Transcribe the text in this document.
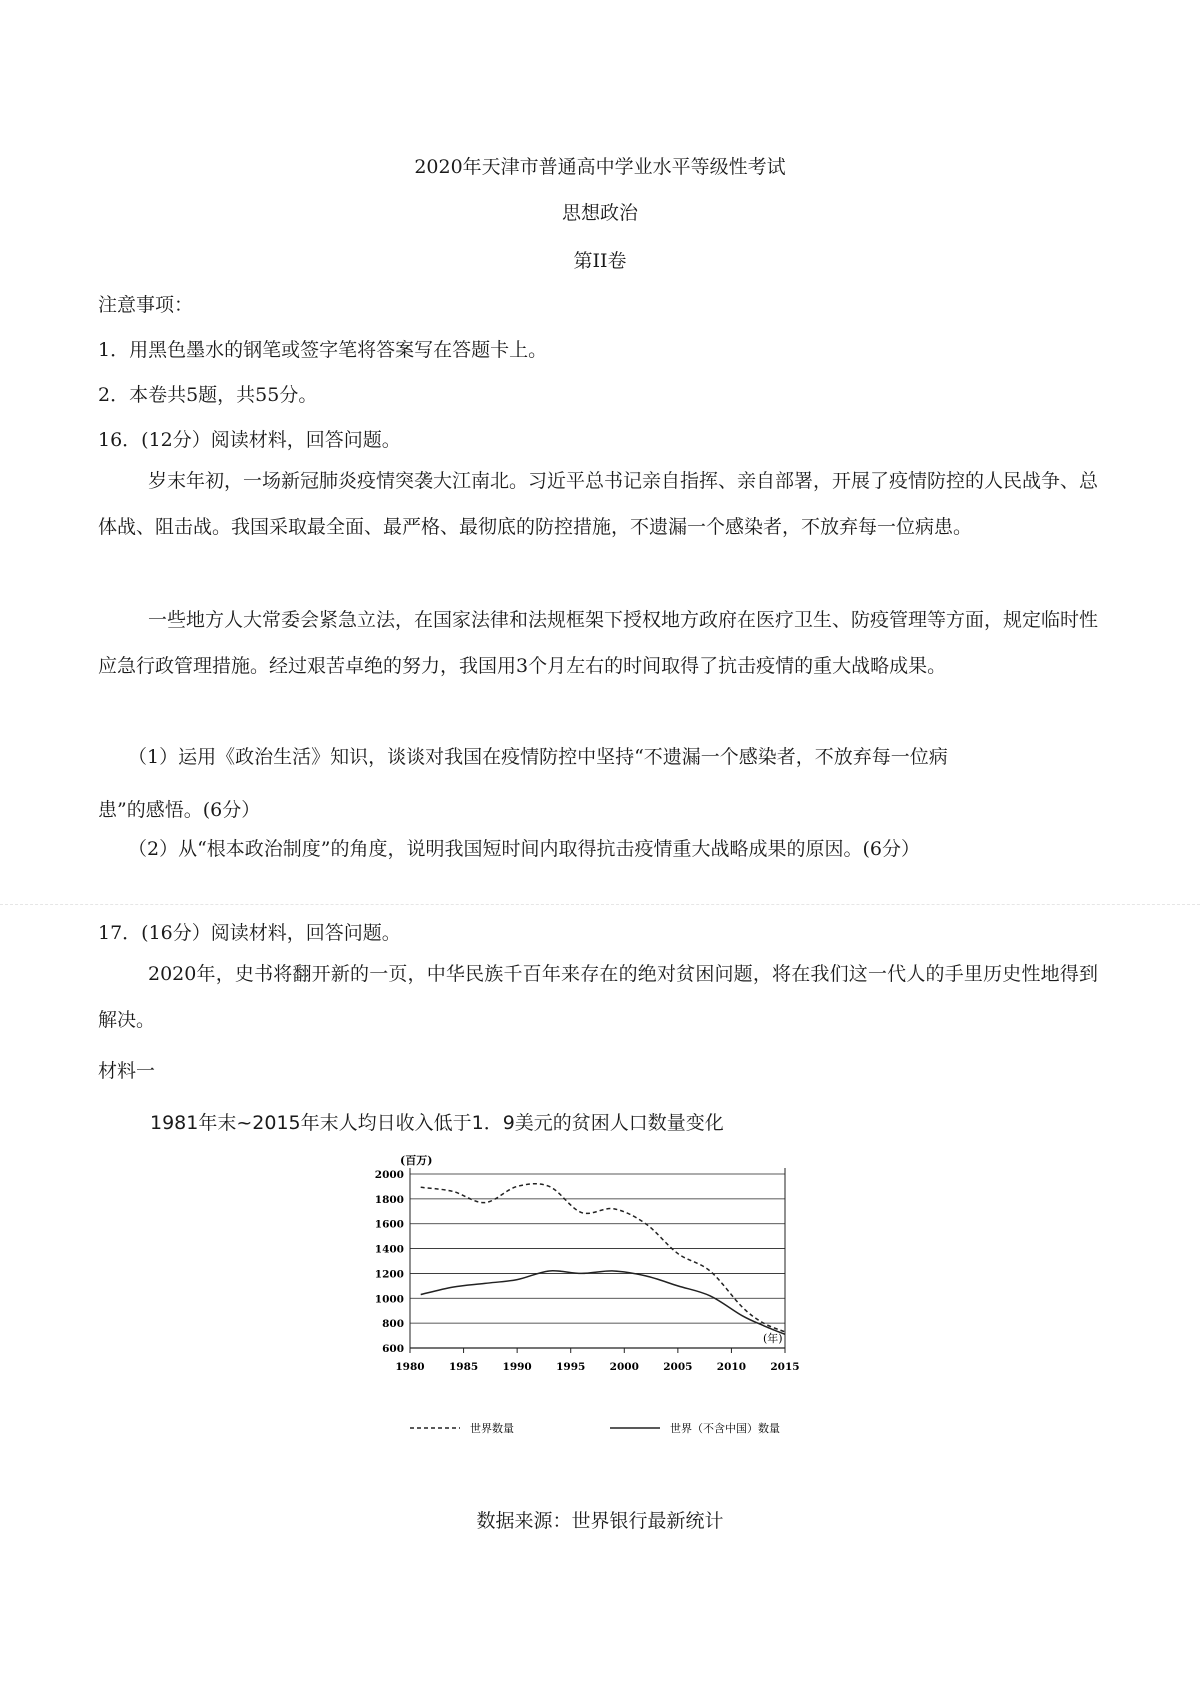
2020年天津市普通高中学业水平等级性考试
思想政治
第II卷
注意事项：
1．用黑色墨水的钢笔或签字笔将答案写在答题卡上。
2．本卷共5题，共55分。
16．(12分）阅读材料，回答问题。

岁末年初，一场新冠肺炎疫情突袭大江南北。习近平总书记亲自指挥、亲自部署，开展了疫情防控的人民战争、总体战、阻击战。我国采取最全面、最严格、最彻底的防控措施，不遗漏一个感染者，不放弃每一位病患。

一些地方人大常委会紧急立法，在国家法律和法规框架下授权地方政府在医疗卫生、防疫管理等方面，规定临时性应急行政管理措施。经过艰苦卓绝的努力，我国用3个月左右的时间取得了抗击疫情的重大战略成果。

（1）运用《政治生活》知识，谈谈对我国在疫情防控中坚持“不遗漏一个感染者，不放弃每一位病
患”的感悟。(6分）
（2）从“根本政治制度”的角度，说明我国短时间内取得抗击疫情重大战略成果的原因。(6分）
17．(16分）阅读材料，回答问题。

2020年，史书将翻开新的一页，中华民族千百年来存在的绝对贫困问题，将在我们这一代人的手里历史性地得到解决。

材料一
1981年末~2015年末人均日收入低于1．9美元的贫困人口数量变化
600
800
1000
1200
1400
1600
1800
2000
1980 1985 1990 1995 2000 2005 2010 2015
(百万)
(年)
世界数量	世界（不含中国）数量
数据来源：世界银行最新统计
